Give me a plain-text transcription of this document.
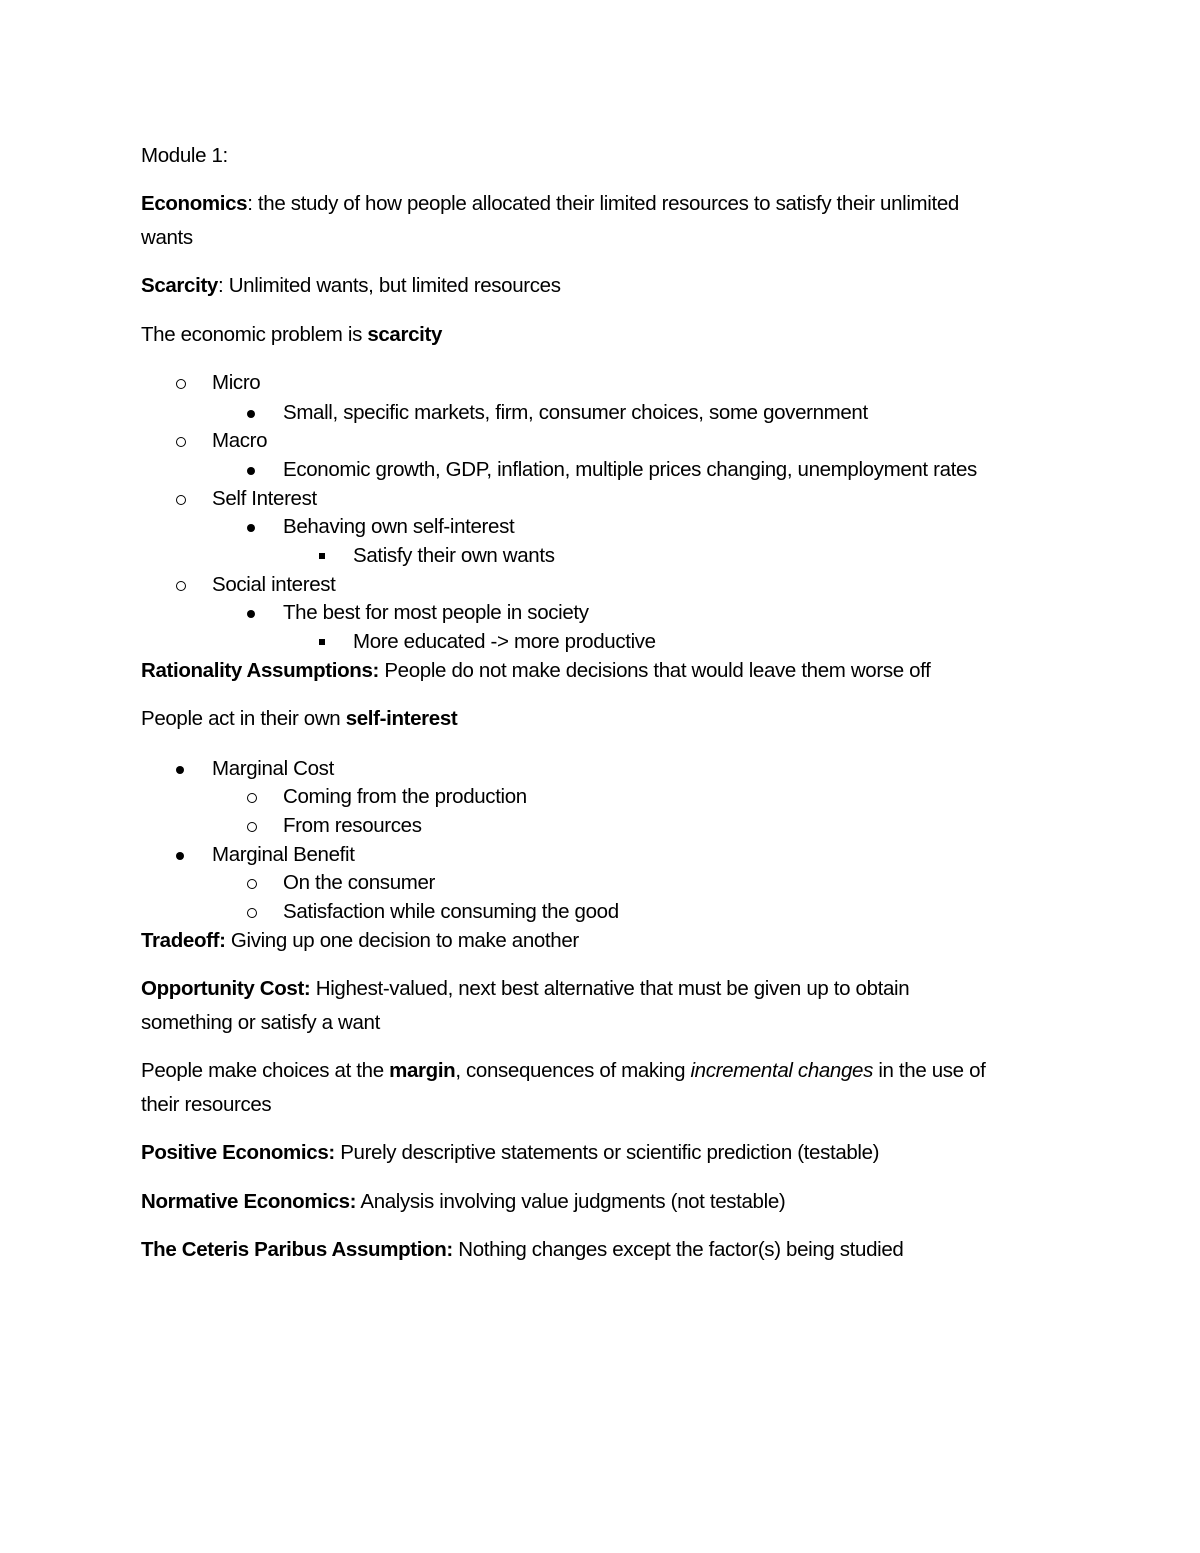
Module 1:
Economics: the study of how people allocated their limited resources to satisfy their unlimited
wants
Scarcity: Unlimited wants, but limited resources
The economic problem is scarcity
Micro
Small, specific markets, firm, consumer choices, some government
Macro
Economic growth, GDP, inflation, multiple prices changing, unemployment rates
Self Interest
Behaving own self-interest
Satisfy their own wants
Social interest
The best for most people in society
More educated -> more productive
Rationality Assumptions: People do not make decisions that would leave them worse off
People act in their own self-interest
Marginal Cost
Coming from the production
From resources
Marginal Benefit
On the consumer
Satisfaction while consuming the good
Tradeoff: Giving up one decision to make another
Opportunity Cost: Highest-valued, next best alternative that must be given up to obtain
something or satisfy a want
People make choices at the margin, consequences of making incremental changes in the use of
their resources
Positive Economics: Purely descriptive statements or scientific prediction (testable)
Normative Economics: Analysis involving value judgments (not testable)
The Ceteris Paribus Assumption: Nothing changes except the factor(s) being studied
